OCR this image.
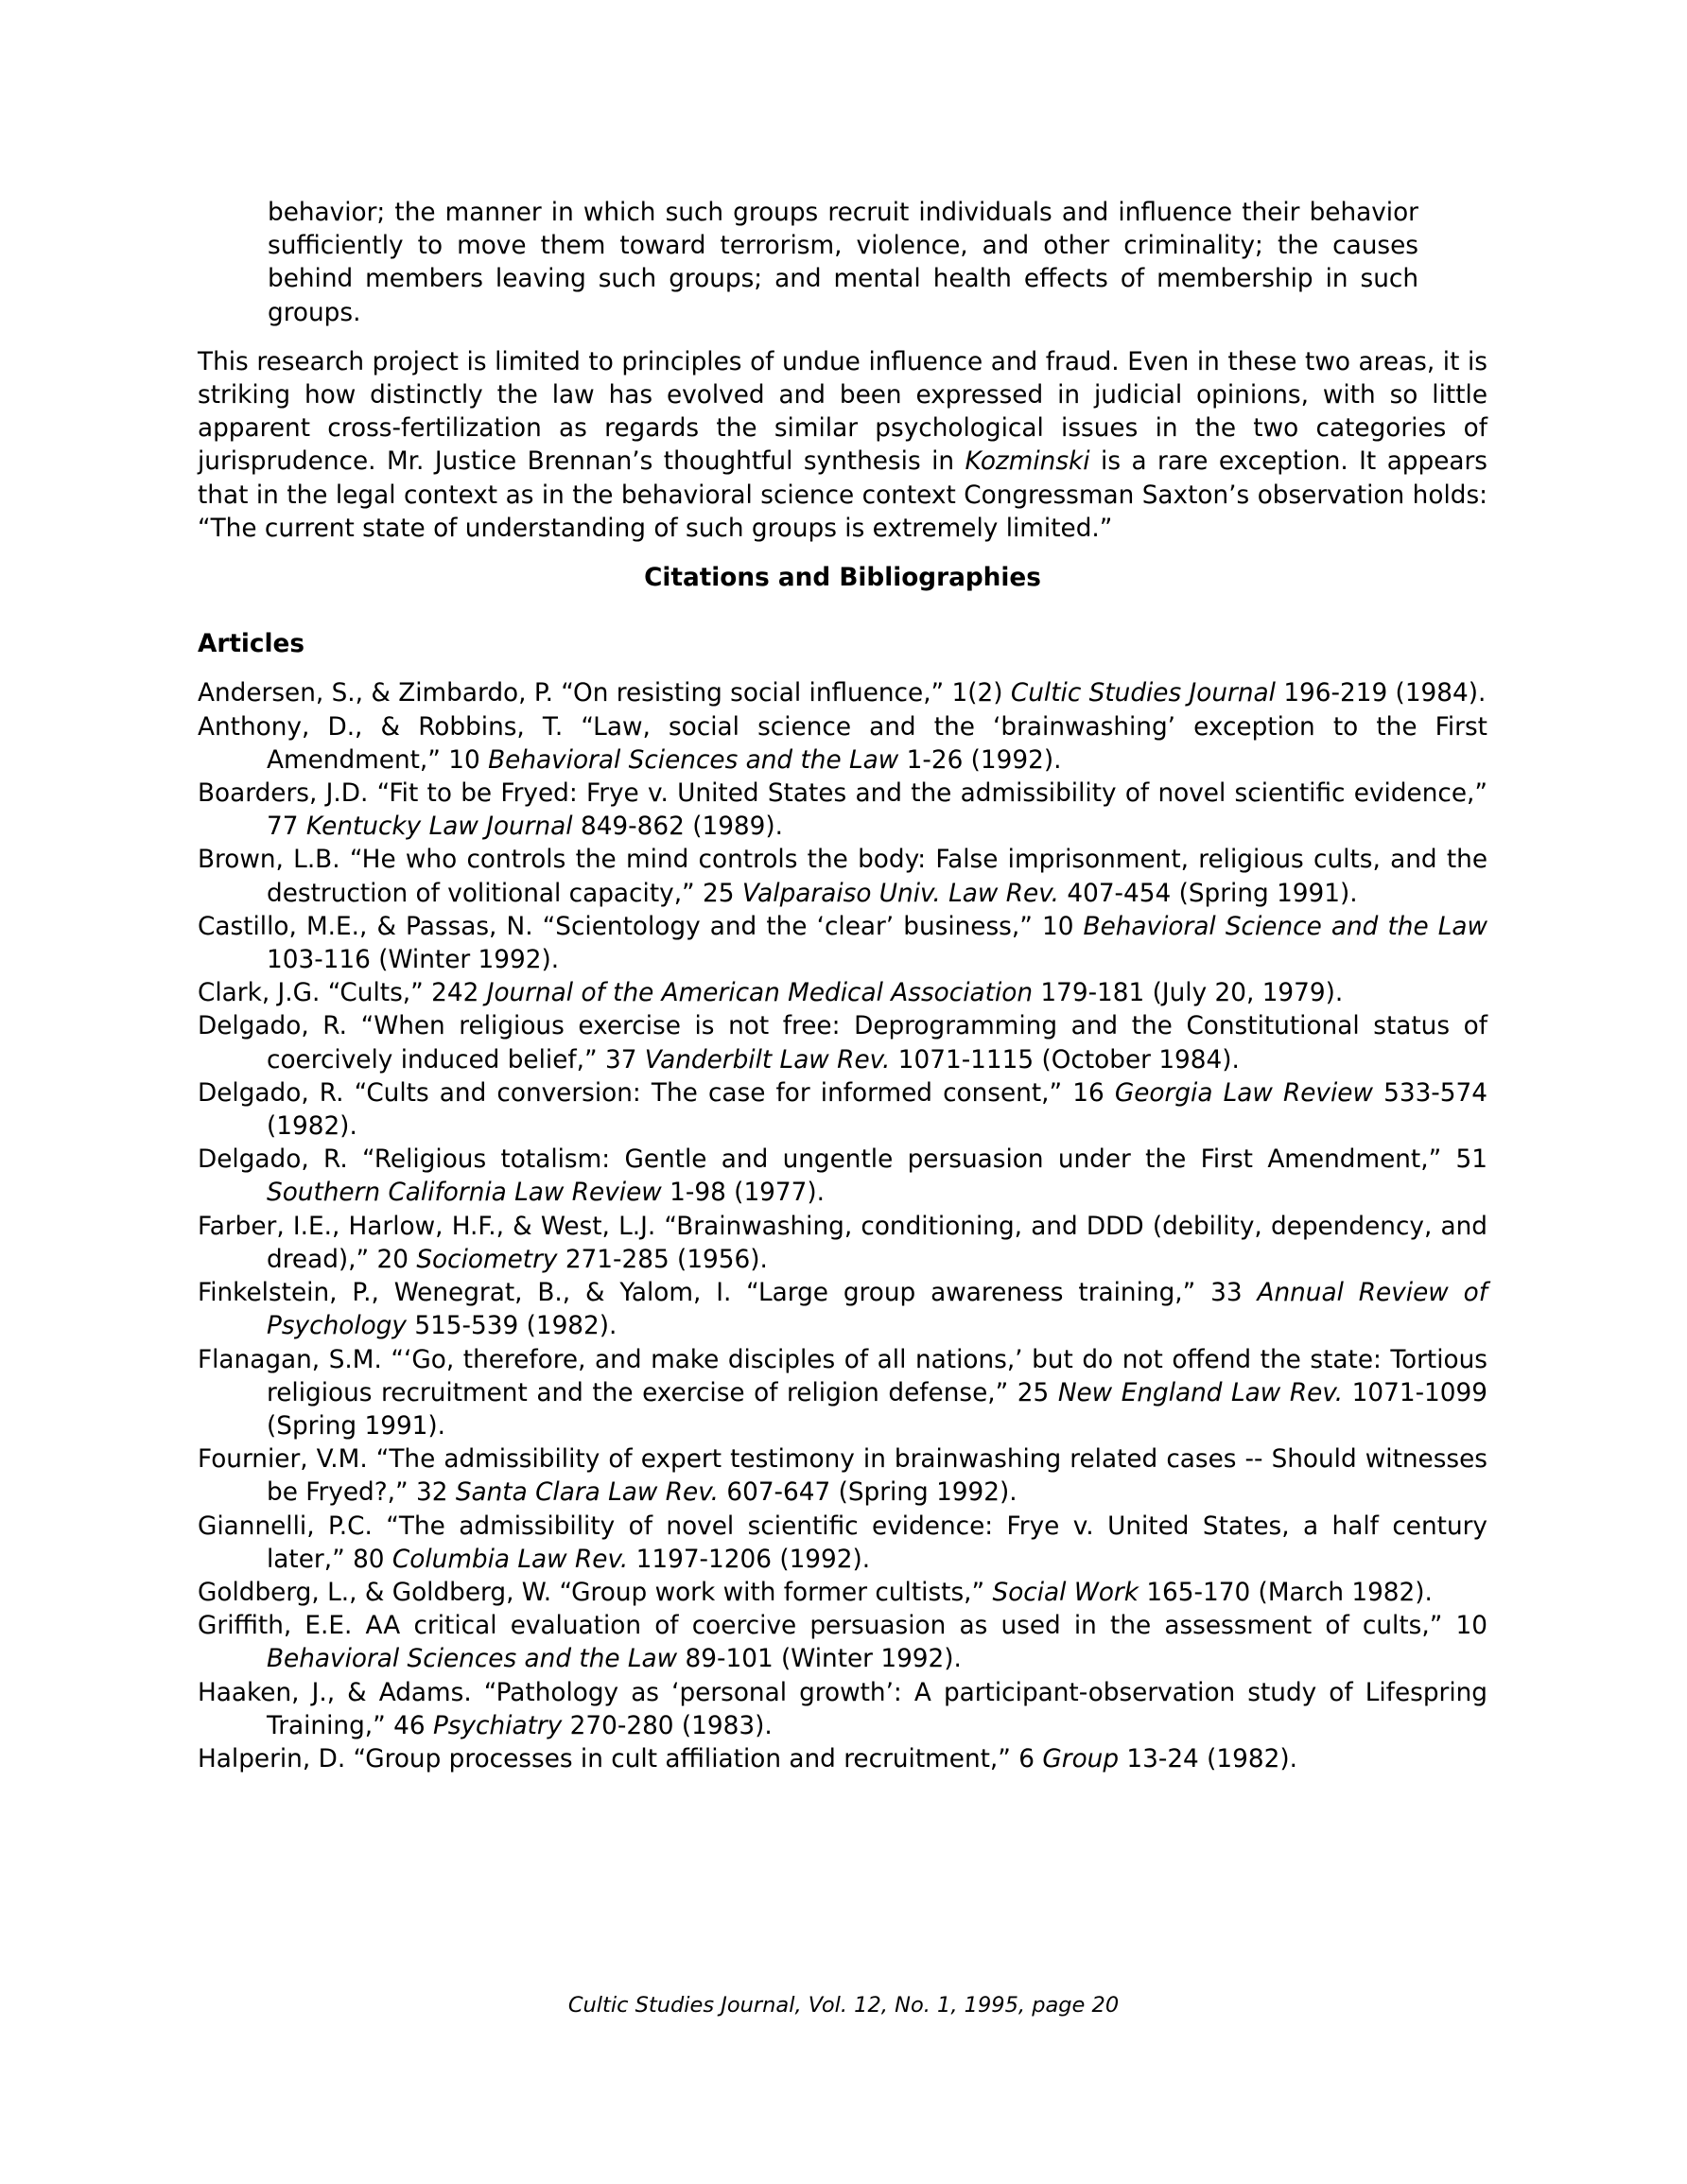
behavior; the manner in which such groups recruit individuals and influence their behavior sufficiently to move them toward terrorism, violence, and other criminality; the causes behind members leaving such groups; and mental health effects of membership in such groups.
This research project is limited to principles of undue influence and fraud. Even in these two areas, it is striking how distinctly the law has evolved and been expressed in judicial opinions, with so little apparent cross-fertilization as regards the similar psychological issues in the two categories of jurisprudence. Mr. Justice Brennan’s thoughtful synthesis in Kozminski is a rare exception. It appears that in the legal context as in the behavioral science context Congressman Saxton’s observation holds: “The current state of understanding of such groups is extremely limited.”
Citations and Bibliographies
Articles
Andersen, S., & Zimbardo, P. “On resisting social influence,” 1(2) Cultic Studies Journal 196-219 (1984).
Anthony, D., & Robbins, T. “Law, social science and the ‘brainwashing’ exception to the First Amendment,” 10 Behavioral Sciences and the Law 1-26 (1992).
Boarders, J.D. “Fit to be Fryed: Frye v. United States and the admissibility of novel scientific evidence,” 77 Kentucky Law Journal 849-862 (1989).
Brown, L.B. “He who controls the mind controls the body: False imprisonment, religious cults, and the destruction of volitional capacity,” 25 Valparaiso Univ. Law Rev. 407-454 (Spring 1991).
Castillo, M.E., & Passas, N. “Scientology and the ‘clear’ business,” 10 Behavioral Science and the Law 103-116 (Winter 1992).
Clark, J.G. “Cults,” 242 Journal of the American Medical Association 179-181 (July 20, 1979).
Delgado, R. “When religious exercise is not free: Deprogramming and the Constitutional status of coercively induced belief,” 37 Vanderbilt Law Rev. 1071-1115 (October 1984).
Delgado, R. “Cults and conversion: The case for informed consent,” 16 Georgia Law Review 533-574 (1982).
Delgado, R. “Religious totalism: Gentle and ungentle persuasion under the First Amendment,” 51 Southern California Law Review 1-98 (1977).
Farber, I.E., Harlow, H.F., & West, L.J. “Brainwashing, conditioning, and DDD (debility, dependency, and dread),” 20 Sociometry 271-285 (1956).
Finkelstein, P., Wenegrat, B., & Yalom, I. “Large group awareness training,” 33 Annual Review of Psychology 515-539 (1982).
Flanagan, S.M. “‘Go, therefore, and make disciples of all nations,’ but do not offend the state: Tortious religious recruitment and the exercise of religion defense,” 25 New England Law Rev. 1071-1099 (Spring 1991).
Fournier, V.M. “The admissibility of expert testimony in brainwashing related cases -- Should witnesses be Fryed?,” 32 Santa Clara Law Rev. 607-647 (Spring 1992).
Giannelli, P.C. “The admissibility of novel scientific evidence: Frye v. United States, a half century later,” 80 Columbia Law Rev. 1197-1206 (1992).
Goldberg, L., & Goldberg, W. “Group work with former cultists,” Social Work 165-170 (March 1982).
Griffith, E.E. AA critical evaluation of coercive persuasion as used in the assessment of cults,” 10 Behavioral Sciences and the Law 89-101 (Winter 1992).
Haaken, J., & Adams. “Pathology as ‘personal growth’: A participant-observation study of Lifespring Training,” 46 Psychiatry 270-280 (1983).
Halperin, D. “Group processes in cult affiliation and recruitment,” 6 Group 13-24 (1982).
Cultic Studies Journal, Vol. 12, No. 1, 1995, page 20
